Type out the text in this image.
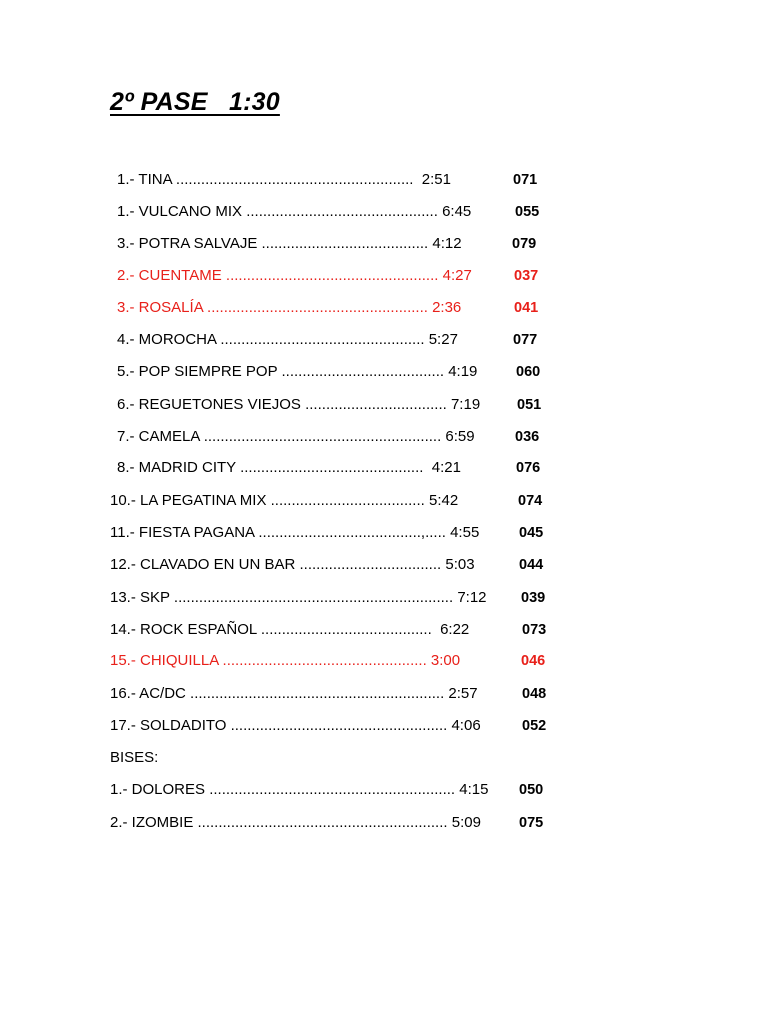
2º PASE   1:30
1.- TINA .........................................................  2:51	071
1.- VULCANO MIX .............................................. 6:45	055
3.- POTRA SALVAJE ........................................ 4:12	079
2.- CUENTAME ................................................... 4:27	037
3.- ROSALÍA ..................................................... 2:36	041
4.- MOROCHA ................................................. 5:27	077
5.- POP SIEMPRE POP ....................................... 4:19	060
6.- REGUETONES VIEJOS .................................. 7:19	051
7.- CAMELA ......................................................... 6:59	036
8.- MADRID CITY ............................................  4:21	076
10.- LA PEGATINA MIX ..................................... 5:42	074
11.- FIESTA PAGANA .......................................,..... 4:55	045
12.- CLAVADO EN UN BAR .................................. 5:03	044
13.- SKP ................................................................... 7:12 039
14.- ROCK ESPAÑOL .........................................  6:22	073
15.- CHIQUILLA ................................................. 3:00	046
16.- AC/DC ............................................................. 2:57	048
17.- SOLDADITO .................................................... 4:06	052
BISES:
1.- DOLORES ........................................................... 4:15 050
2.- IZOMBIE ............................................................ 5:09	075
